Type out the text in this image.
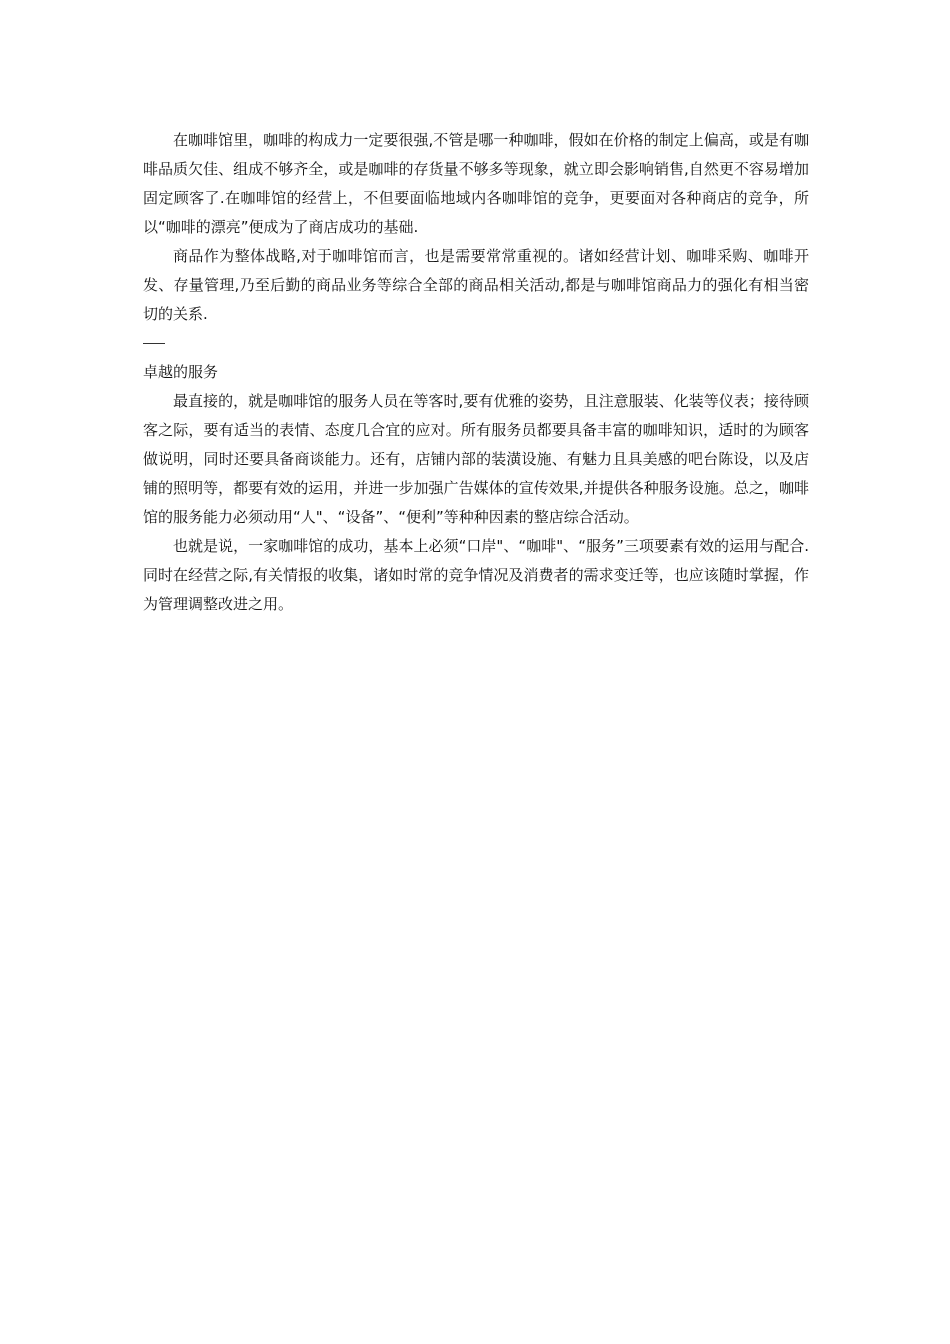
在咖啡馆里，咖啡的构成力一定要很强,不管是哪一种咖啡，假如在价格的制定上偏高，或是有咖啡品质欠佳、组成不够齐全，或是咖啡的存货量不够多等现象，就立即会影响销售,自然更不容易增加固定顾客了.在咖啡馆的经营上，不但要面临地域内各咖啡馆的竞争，更要面对各种商店的竞争，所以“咖啡的漂亮”便成为了商店成功的基础.

商品作为整体战略,对于咖啡馆而言，也是需要常常重视的。诸如经营计划、咖啡采购、咖啡开发、存量管理,乃至后勤的商品业务等综合全部的商品相关活动,都是与咖啡馆商品力的强化有相当密切的关系.

卓越的服务

最直接的，就是咖啡馆的服务人员在等客时,要有优雅的姿势，且注意服装、化装等仪表；接待顾客之际，要有适当的表情、态度几合宜的应对。所有服务员都要具备丰富的咖啡知识，适时的为顾客做说明，同时还要具备商谈能力。还有，店铺内部的装潢设施、有魅力且具美感的吧台陈设，以及店铺的照明等，都要有效的运用，并进一步加强广告媒体的宣传效果,并提供各种服务设施。总之，咖啡馆的服务能力必须动用“人"、“设备”、“便利”等种种因素的整店综合活动。

也就是说，一家咖啡馆的成功，基本上必须“口岸"、“咖啡"、“服务”三项要素有效的运用与配合.同时在经营之际,有关情报的收集，诸如时常的竞争情况及消费者的需求变迁等，也应该随时掌握，作为管理调整改进之用。
